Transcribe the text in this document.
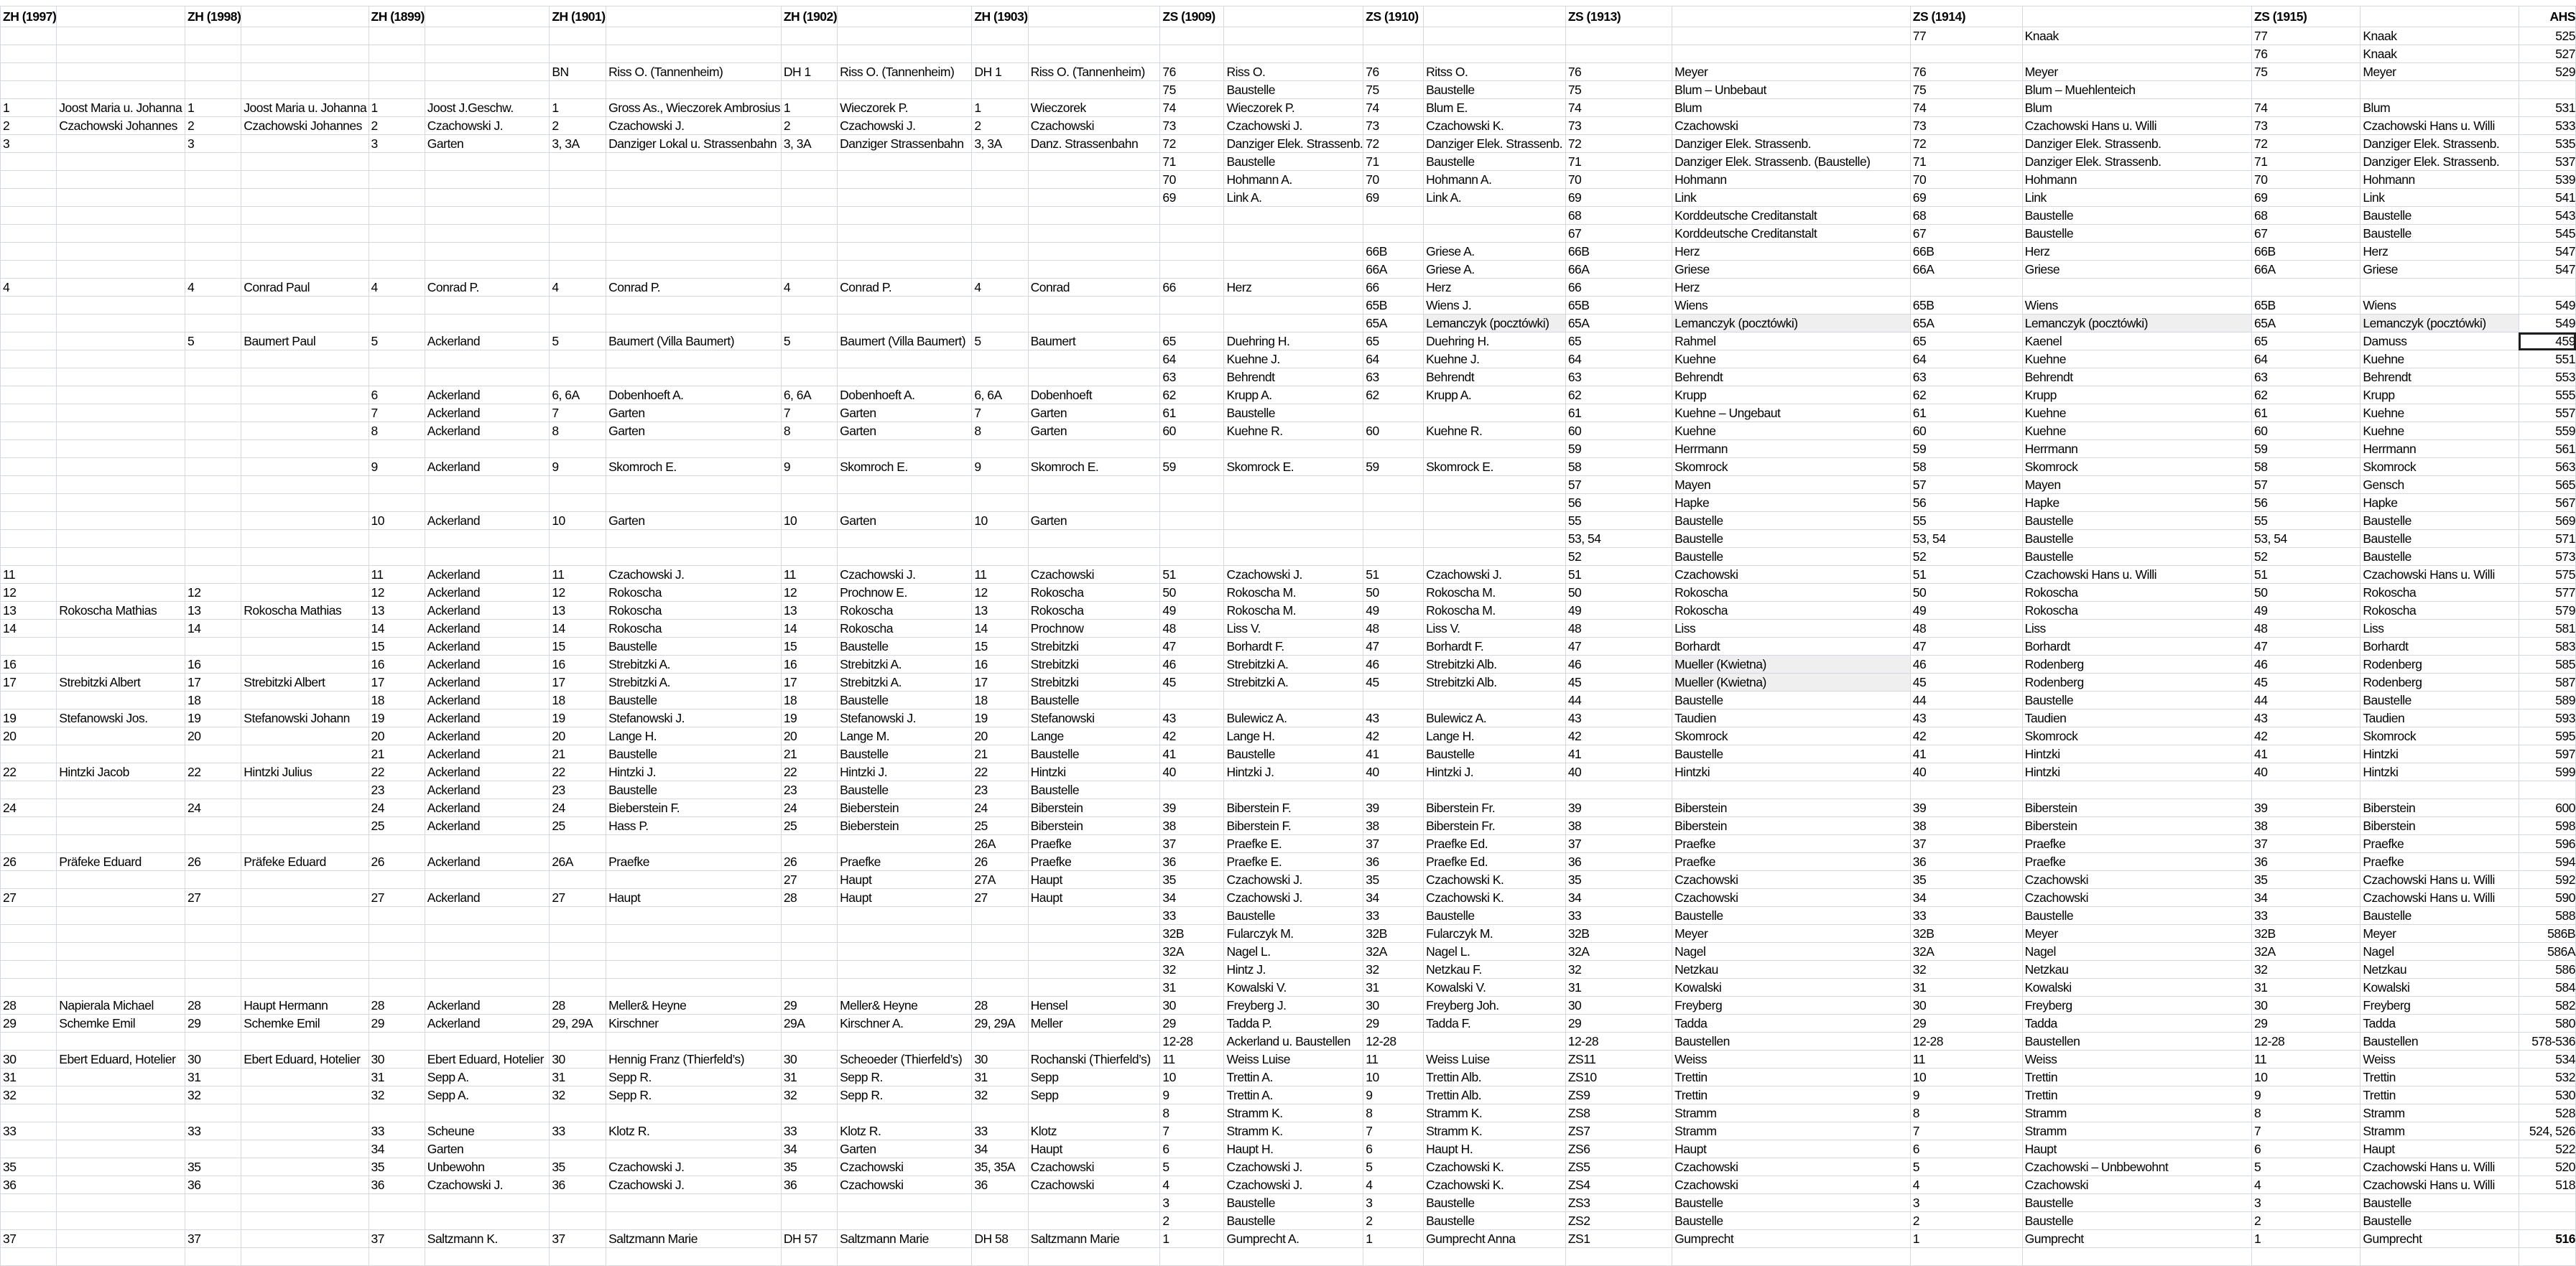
ZH (1997)		ZH (1998)		ZH (1899)		ZH (1901)		ZH (1902)		ZH (1903)		ZS (1909)		ZS (1910)		ZS (1913)		ZS (1914)		ZS (1915)		AHS
																		77	Knaak	77	Knaak	525
																				76	Knaak	527
						BN	Riss O. (Tannenheim)	DH 1	Riss O. (Tannenheim)	DH 1	Riss O. (Tannenheim)	76	Riss O.	76	Ritss O.	76	Meyer	76	Meyer	75	Meyer	529
												75	Baustelle	75	Baustelle	75	Blum – Unbebaut	75	Blum – Muehlenteich			
1	Joost Maria u. Johanna	1	Joost Maria u. Johanna	1	Joost J.Geschw.	1	Gross As., Wieczorek Ambrosius	1	Wieczorek P.	1	Wieczorek	74	Wieczorek P.	74	Blum E.	74	Blum	74	Blum	74	Blum	531
2	Czachowski Johannes	2	Czachowski Johannes	2	Czachowski J.	2	Czachowski J.	2	Czachowski J.	2	Czachowski	73	Czachowski J.	73	Czachowski K.	73	Czachowski	73	Czachowski Hans u. Willi	73	Czachowski Hans u. Willi	533
3		3		3	Garten	3, 3A	Danziger Lokal u. Strassenbahn	3, 3A	Danziger Strassenbahn	3, 3A	Danz. Strassenbahn	72	Danziger Elek. Strassenb.	72	Danziger Elek. Strassenb.	72	Danziger Elek. Strassenb.	72	Danziger Elek. Strassenb.	72	Danziger Elek. Strassenb.	535
												71	Baustelle	71	Baustelle	71	Danziger Elek. Strassenb. (Baustelle)	71	Danziger Elek. Strassenb.	71	Danziger Elek. Strassenb.	537
												70	Hohmann A.	70	Hohmann A.	70	Hohmann	70	Hohmann	70	Hohmann	539
												69	Link A.	69	Link A.	69	Link	69	Link	69	Link	541
																68	Korddeutsche Creditanstalt	68	Baustelle	68	Baustelle	543
																67	Korddeutsche Creditanstalt	67	Baustelle	67	Baustelle	545
														66B	Griese A.	66B	Herz	66B	Herz	66B	Herz	547
														66A	Griese A.	66A	Griese	66A	Griese	66A	Griese	547
4		4	Conrad Paul	4	Conrad P.	4	Conrad P.	4	Conrad P.	4	Conrad	66	Herz	66	Herz	66	Herz					
														65B	Wiens J.	65B	Wiens	65B	Wiens	65B	Wiens	549
														65A	Lemanczyk (pocztówki)	65A	Lemanczyk (pocztówki)	65A	Lemanczyk (pocztówki)	65A	Lemanczyk (pocztówki)	549
		5	Baumert Paul	5	Ackerland	5	Baumert (Villa Baumert)	5	Baumert (Villa Baumert)	5	Baumert	65	Duehring H.	65	Duehring H.	65	Rahmel	65	Kaenel	65	Damuss	459
												64	Kuehne J.	64	Kuehne J.	64	Kuehne	64	Kuehne	64	Kuehne	551
												63	Behrendt	63	Behrendt	63	Behrendt	63	Behrendt	63	Behrendt	553
				6	Ackerland	6, 6A	Dobenhoeft A.	6, 6A	Dobenhoeft A.	6, 6A	Dobenhoeft	62	Krupp A.	62	Krupp A.	62	Krupp	62	Krupp	62	Krupp	555
				7	Ackerland	7	Garten	7	Garten	7	Garten	61	Baustelle			61	Kuehne – Ungebaut	61	Kuehne	61	Kuehne	557
				8	Ackerland	8	Garten	8	Garten	8	Garten	60	Kuehne R.	60	Kuehne R.	60	Kuehne	60	Kuehne	60	Kuehne	559
																59	Herrmann	59	Herrmann	59	Herrmann	561
				9	Ackerland	9	Skomroch E.	9	Skomroch E.	9	Skomroch E.	59	Skomrock E.	59	Skomrock E.	58	Skomrock	58	Skomrock	58	Skomrock	563
																57	Mayen	57	Mayen	57	Gensch	565
																56	Hapke	56	Hapke	56	Hapke	567
				10	Ackerland	10	Garten	10	Garten	10	Garten					55	Baustelle	55	Baustelle	55	Baustelle	569
																53, 54	Baustelle	53, 54	Baustelle	53, 54	Baustelle	571
																52	Baustelle	52	Baustelle	52	Baustelle	573
11				11	Ackerland	11	Czachowski J.	11	Czachowski J.	11	Czachowski	51	Czachowski J.	51	Czachowski J.	51	Czachowski	51	Czachowski Hans u. Willi	51	Czachowski Hans u. Willi	575
12		12		12	Ackerland	12	Rokoscha	12	Prochnow E.	12	Rokoscha	50	Rokoscha M.	50	Rokoscha M.	50	Rokoscha	50	Rokoscha	50	Rokoscha	577
13	Rokoscha Mathias	13	Rokoscha Mathias	13	Ackerland	13	Rokoscha	13	Rokoscha	13	Rokoscha	49	Rokoscha M.	49	Rokoscha M.	49	Rokoscha	49	Rokoscha	49	Rokoscha	579
14		14		14	Ackerland	14	Rokoscha	14	Rokoscha	14	Prochnow	48	Liss V.	48	Liss V.	48	Liss	48	Liss	48	Liss	581
				15	Ackerland	15	Baustelle	15	Baustelle	15	Strebitzki	47	Borhardt F.	47	Borhardt F.	47	Borhardt	47	Borhardt	47	Borhardt	583
16		16		16	Ackerland	16	Strebitzki A.	16	Strebitzki A.	16	Strebitzki	46	Strebitzki A.	46	Strebitzki Alb.	46	Mueller (Kwietna)	46	Rodenberg	46	Rodenberg	585
17	Strebitzki Albert	17	Strebitzki Albert	17	Ackerland	17	Strebitzki A.	17	Strebitzki A.	17	Strebitzki	45	Strebitzki A.	45	Strebitzki Alb.	45	Mueller (Kwietna)	45	Rodenberg	45	Rodenberg	587
		18		18	Ackerland	18	Baustelle	18	Baustelle	18	Baustelle					44	Baustelle	44	Baustelle	44	Baustelle	589
19	Stefanowski Jos.	19	Stefanowski Johann	19	Ackerland	19	Stefanowski J.	19	Stefanowski J.	19	Stefanowski	43	Bulewicz A.	43	Bulewicz A.	43	Taudien	43	Taudien	43	Taudien	593
20		20		20	Ackerland	20	Lange H.	20	Lange M.	20	Lange	42	Lange H.	42	Lange H.	42	Skomrock	42	Skomrock	42	Skomrock	595
				21	Ackerland	21	Baustelle	21	Baustelle	21	Baustelle	41	Baustelle	41	Baustelle	41	Baustelle	41	Hintzki	41	Hintzki	597
22	Hintzki Jacob	22	Hintzki Julius	22	Ackerland	22	Hintzki J.	22	Hintzki J.	22	Hintzki	40	Hintzki J.	40	Hintzki J.	40	Hintzki	40	Hintzki	40	Hintzki	599
				23	Ackerland	23	Baustelle	23	Baustelle	23	Baustelle											
24		24		24	Ackerland	24	Bieberstein F.	24	Bieberstein	24	Biberstein	39	Biberstein F.	39	Biberstein Fr.	39	Biberstein	39	Biberstein	39	Biberstein	600
				25	Ackerland	25	Hass P.	25	Bieberstein	25	Biberstein	38	Biberstein F.	38	Biberstein Fr.	38	Biberstein	38	Biberstein	38	Biberstein	598
										26A	Praefke	37	Praefke E.	37	Praefke Ed.	37	Praefke	37	Praefke	37	Praefke	596
26	Präfeke Eduard	26	Präfeke Eduard	26	Ackerland	26A	Praefke	26	Praefke	26	Praefke	36	Praefke E.	36	Praefke Ed.	36	Praefke	36	Praefke	36	Praefke	594
								27	Haupt	27A	Haupt	35	Czachowski J.	35	Czachowski K.	35	Czachowski	35	Czachowski	35	Czachowski Hans u. Willi	592
27		27		27	Ackerland	27	Haupt	28	Haupt	27	Haupt	34	Czachowski J.	34	Czachowski K.	34	Czachowski	34	Czachowski	34	Czachowski Hans u. Willi	590
												33	Baustelle	33	Baustelle	33	Baustelle	33	Baustelle	33	Baustelle	588
												32B	Fularczyk M.	32B	Fularczyk M.	32B	Meyer	32B	Meyer	32B	Meyer	586B
												32A	Nagel L.	32A	Nagel L.	32A	Nagel	32A	Nagel	32A	Nagel	586A
												32	Hintz J.	32	Netzkau F.	32	Netzkau	32	Netzkau	32	Netzkau	586
												31	Kowalski V.	31	Kowalski V.	31	Kowalski	31	Kowalski	31	Kowalski	584
28	Napierala Michael	28	Haupt Hermann	28	Ackerland	28	Meller& Heyne	29	Meller& Heyne	28	Hensel	30	Freyberg J.	30	Freyberg Joh.	30	Freyberg	30	Freyberg	30	Freyberg	582
29	Schemke Emil	29	Schemke Emil	29	Ackerland	29, 29A	Kirschner	29A	Kirschner A.	29, 29A	Meller	29	Tadda P.	29	Tadda F.	29	Tadda	29	Tadda	29	Tadda	580
												12-28	Ackerland u. Baustellen	12-28		12-28	Baustellen	12-28	Baustellen	12-28	Baustellen	578-536
30	Ebert Eduard, Hotelier	30	Ebert Eduard, Hotelier	30	Ebert Eduard, Hotelier	30	Hennig Franz (Thierfeld’s)	30	Scheoeder (Thierfeld’s)	30	Rochanski (Thierfeld’s)	11	Weiss Luise	11	Weiss Luise	ZS11	Weiss	11	Weiss	11	Weiss	534
31		31		31	Sepp A.	31	Sepp R.	31	Sepp R.	31	Sepp	10	Trettin A.	10	Trettin Alb.	ZS10	Trettin	10	Trettin	10	Trettin	532
32		32		32	Sepp A.	32	Sepp R.	32	Sepp R.	32	Sepp	9	Trettin A.	9	Trettin Alb.	ZS9	Trettin	9	Trettin	9	Trettin	530
												8	Stramm K.	8	Stramm K.	ZS8	Stramm	8	Stramm	8	Stramm	528
33		33		33	Scheune	33	Klotz R.	33	Klotz R.	33	Klotz	7	Stramm K.	7	Stramm K.	ZS7	Stramm	7	Stramm	7	Stramm	524, 526
				34	Garten			34	Garten	34	Haupt	6	Haupt H.	6	Haupt H.	ZS6	Haupt	6	Haupt	6	Haupt	522
35		35		35	Unbewohn	35	Czachowski J.	35	Czachowski	35, 35A	Czachowski	5	Czachowski J.	5	Czachowski K.	ZS5	Czachowski	5	Czachowski – Unbbewohnt	5	Czachowski Hans u. Willi	520
36		36		36	Czachowski J.	36	Czachowski J.	36	Czachowski	36	Czachowski	4	Czachowski J.	4	Czachowski K.	ZS4	Czachowski	4	Czachowski	4	Czachowski Hans u. Willi	518
												3	Baustelle	3	Baustelle	ZS3	Baustelle	3	Baustelle	3	Baustelle	
												2	Baustelle	2	Baustelle	ZS2	Baustelle	2	Baustelle	2	Baustelle	
37		37		37	Saltzmann K.	37	Saltzmann Marie	DH 57	Saltzmann Marie	DH 58	Saltzmann Marie	1	Gumprecht A.	1	Gumprecht Anna	ZS1	Gumprecht	1	Gumprecht	1	Gumprecht	516
